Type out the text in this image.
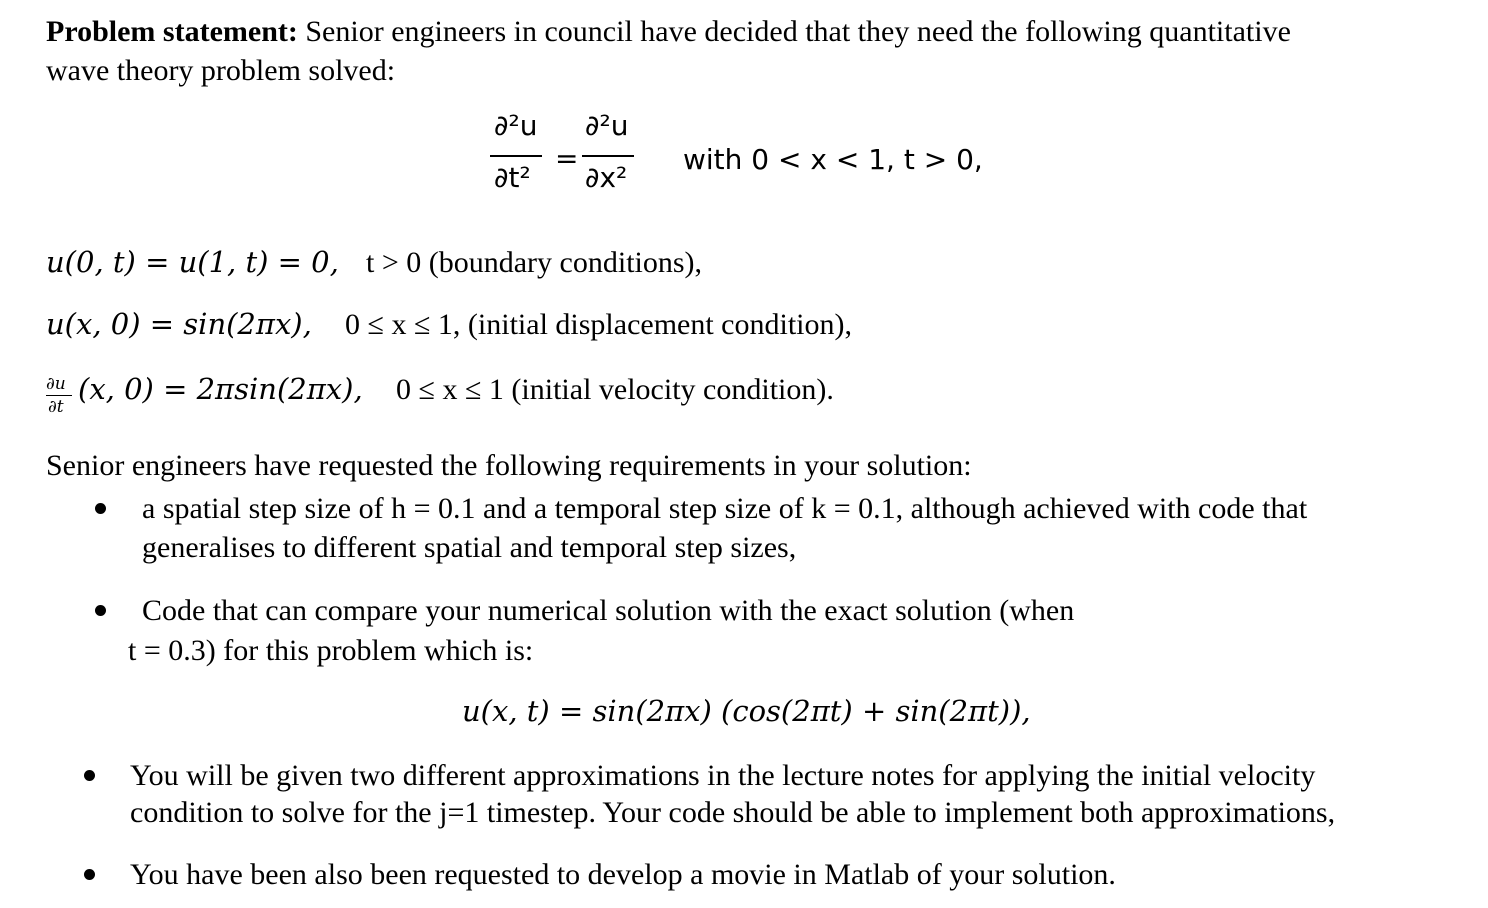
Problem statement: Senior engineers in council have decided that they need the following quantitative
wave theory problem solved:
∂²u
∂t²
=
∂²u
∂x²
with 0 < x < 1, t > 0,
u(0, t) = u(1, t) = 0, t > 0 (boundary conditions),
u(x, 0) = sin(2πx), 0 ≤ x ≤ 1, (initial displacement condition),
∂u
∂t
(x, 0) = 2πsin(2πx), 0 ≤ x ≤ 1 (initial velocity condition).
Senior engineers have requested the following requirements in your solution:
a spatial step size of h = 0.1 and a temporal step size of k = 0.1, although achieved with code that
generalises to different spatial and temporal step sizes,
Code that can compare your numerical solution with the exact solution (when
t = 0.3) for this problem which is:
u(x, t) = sin(2πx) (cos(2πt) + sin(2πt)),
You will be given two different approximations in the lecture notes for applying the initial velocity
condition to solve for the j=1 timestep. Your code should be able to implement both approximations,
You have been also been requested to develop a movie in Matlab of your solution.
